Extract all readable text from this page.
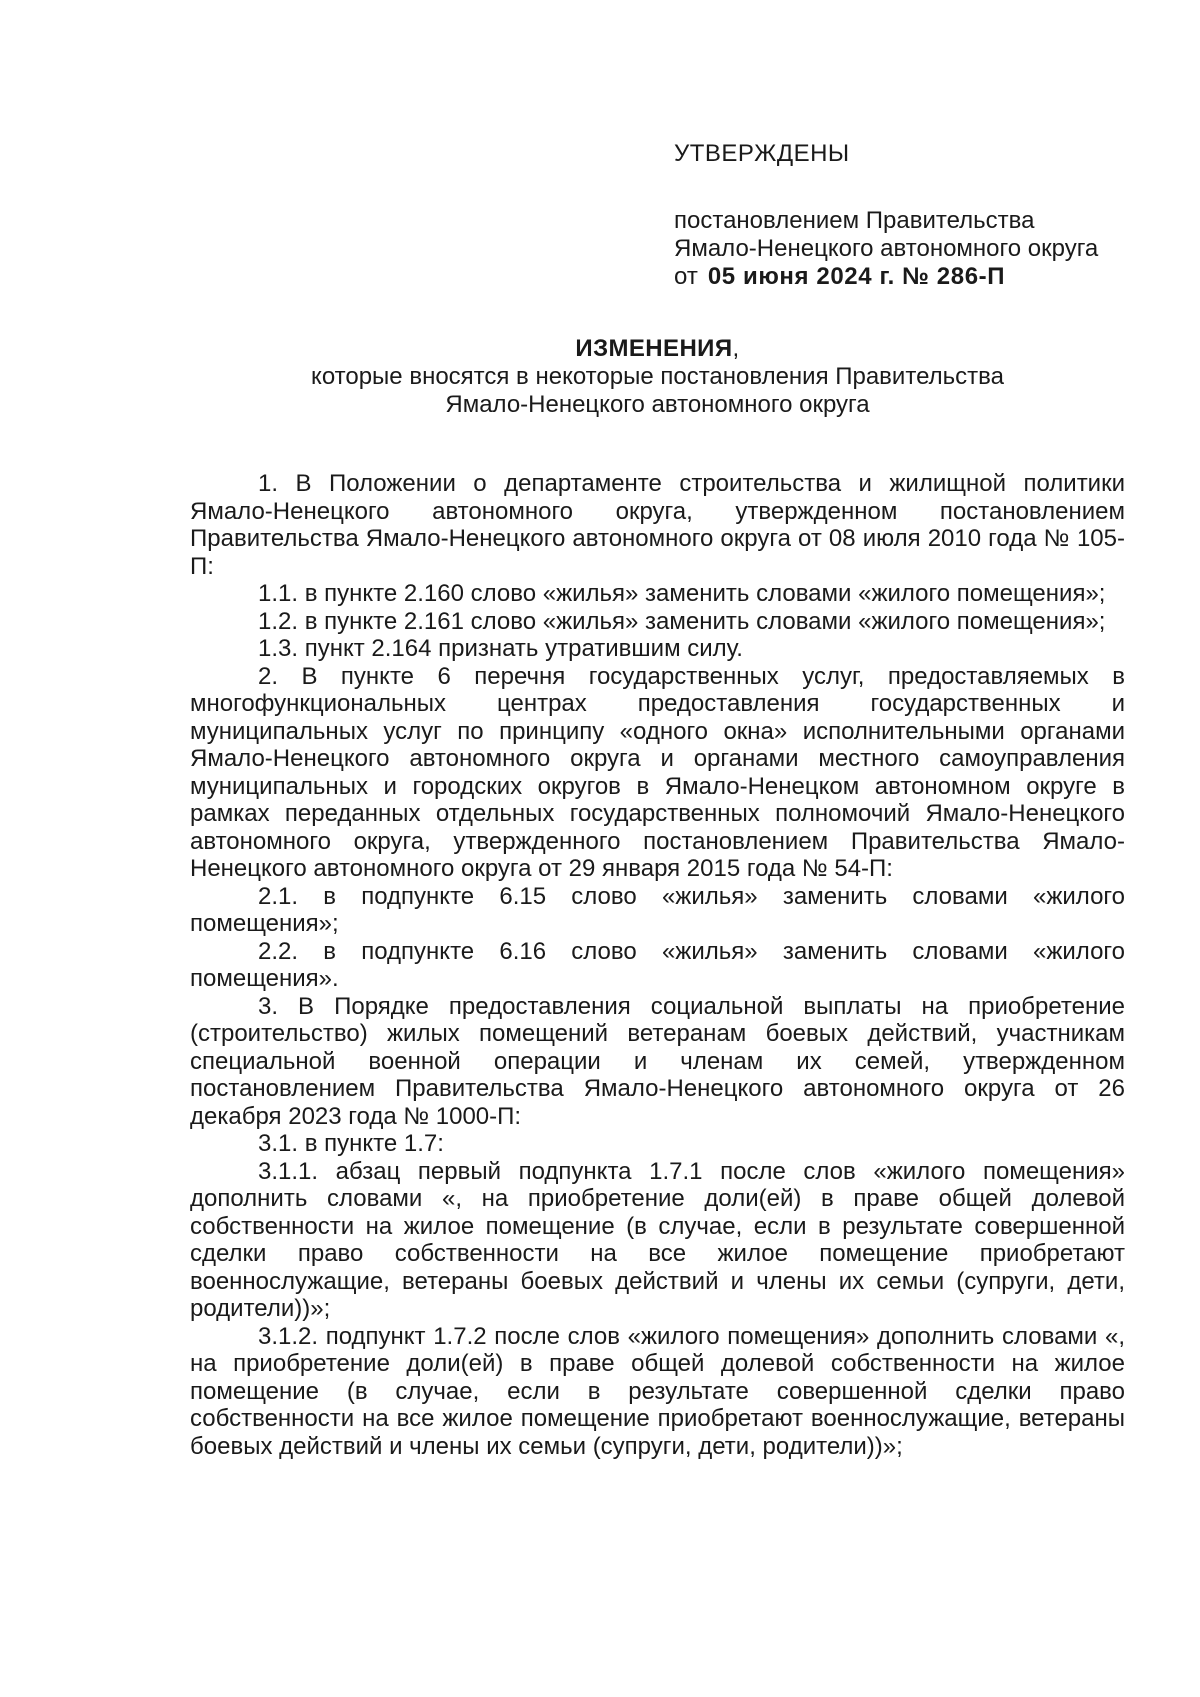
УТВЕРЖДЕНЫ
постановлением Правительства
Ямало-Ненецкого автономного округа
от 05 июня 2024 г. № 286-П
ИЗМЕНЕНИЯ,
которые вносятся в некоторые постановления Правительства
Ямало-Ненецкого автономного округа

1. В Положении о департаменте строительства и жилищной политики Ямало-Ненецкого автономного округа, утвержденном постановлением Правительства Ямало-Ненецкого автономного округа от 08 июля 2010 года № 105-П:

1.1. в пункте 2.160 слово «жилья» заменить словами «жилого помещения»;

1.2. в пункте 2.161 слово «жилья» заменить словами «жилого помещения»;

1.3. пункт 2.164 признать утратившим силу.

2. В пункте 6 перечня государственных услуг, предоставляемых в многофункциональных центрах предоставления государственных и муниципальных услуг по принципу «одного окна» исполнительными органами Ямало-Ненецкого автономного округа и органами местного самоуправления муниципальных и городских округов в Ямало-Ненецком автономном округе в рамках переданных отдельных государственных полномочий Ямало-Ненецкого автономного округа, утвержденного постановлением Правительства Ямало-Ненецкого автономного округа от 29 января 2015 года № 54-П:

2.1. в подпункте 6.15 слово «жилья» заменить словами «жилого помещения»;

2.2. в подпункте 6.16 слово «жилья» заменить словами «жилого помещения».

3. В Порядке предоставления социальной выплаты на приобретение (строительство) жилых помещений ветеранам боевых действий, участникам специальной военной операции и членам их семей, утвержденном постановлением Правительства Ямало-Ненецкого автономного округа от 26 декабря 2023 года № 1000-П:

3.1. в пункте 1.7:

3.1.1. абзац первый подпункта 1.7.1 после слов «жилого помещения» дополнить словами «, на приобретение доли(ей) в праве общей долевой собственности на жилое помещение (в случае, если в результате совершенной сделки право собственности на все жилое помещение приобретают военнослужащие, ветераны боевых действий и члены их семьи (супруги, дети, родители))»;

3.1.2. подпункт 1.7.2 после слов «жилого помещения» дополнить словами «, на приобретение доли(ей) в праве общей долевой собственности на жилое помещение (в случае, если в результате совершенной сделки право собственности на все жилое помещение приобретают военнослужащие, ветераны боевых действий и члены их семьи (супруги, дети, родители))»;
